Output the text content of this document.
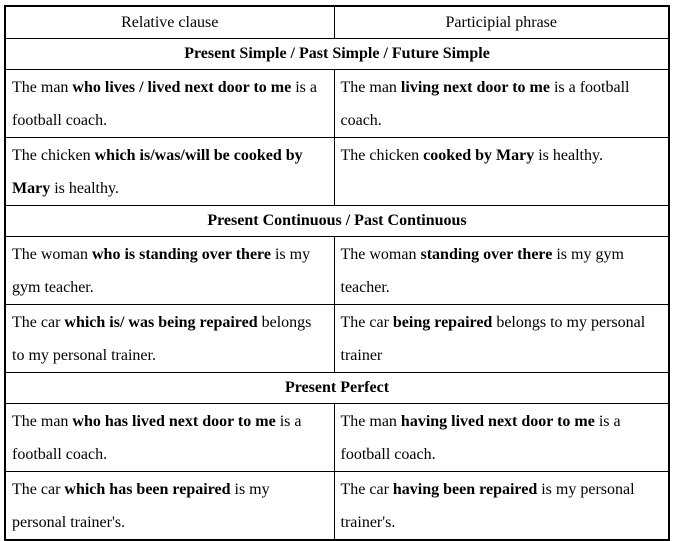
Relative clause	Participial phrase
Present Simple / Past Simple / Future Simple	
The man who lives / lived next door to me is a football coach.	The man living next door to me is a football coach.
The chicken which is/was/will be cooked by Mary is healthy.	The chicken cooked by Mary is healthy.
Present Continuous / Past Continuous	
The woman who is standing over there is my gym teacher.	The woman standing over there is my gym teacher.
The car which is/ was being repaired belongs to my personal trainer.	The car being repaired belongs to my personal trainer
Present Perfect	
The man who has lived next door to me is a football coach.	The man having lived next door to me is a football coach.
The car which has been repaired is my personal trainer's.	The car having been repaired is my personal trainer's.
